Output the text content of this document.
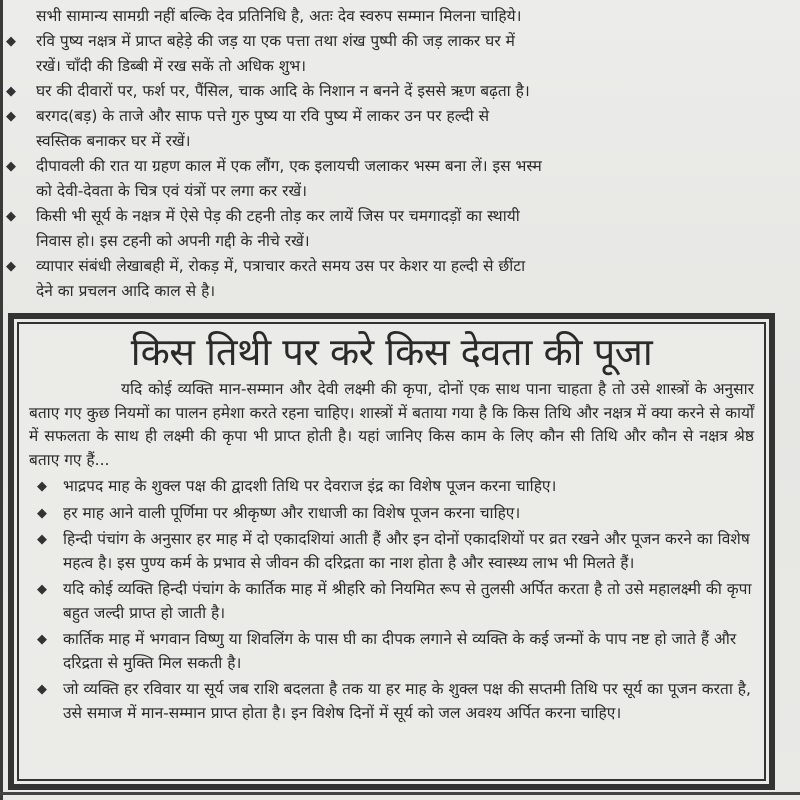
सभी सामान्य सामग्री नहीं बल्कि देव प्रतिनिधि है, अतः देव स्वरुप सम्मान मिलना चाहिये।
◆ रवि पुष्य नक्षत्र में प्राप्त बहेड़े की जड़ या एक पत्ता तथा शंख पुष्पी की जड़ लाकर घर में
रखें। चाँदी की डिब्बी में रख सकें तो अधिक शुभ।
◆ घर की दीवारों पर, फर्श पर, पैंसिल, चाक आदि के निशान न बनने दें इससे ऋण बढ़ता है।
◆ बरगद(बड़) के ताजे और साफ पत्ते गुरु पुष्य या रवि पुष्य में लाकर उन पर हल्दी से
स्वस्तिक बनाकर घर में रखें।
◆ दीपावली की रात या ग्रहण काल में एक लौंग, एक इलायची जलाकर भस्म बना लें। इस भस्म
को देवी-देवता के चित्र एवं यंत्रों पर लगा कर रखें।
◆ किसी भी सूर्य के नक्षत्र में ऐसे पेड़ की टहनी तोड़ कर लायें जिस पर चमगादड़ों का स्थायी
निवास हो। इस टहनी को अपनी गद्दी के नीचे रखें।
◆ व्यापार संबंधी लेखाबही में, रोकड़ में, पत्राचार करते समय उस पर केशर या हल्दी से छींटा
देने का प्रचलन आदि काल से है।
किस तिथी पर करे किस देवता की पूजा
यदि कोई व्यक्ति मान-सम्मान और देवी लक्ष्मी की कृपा, दोनों एक साथ पाना चाहता है तो उसे शास्त्रों के अनुसार बताए गए कुछ नियमों का पालन हमेशा करते रहना चाहिए। शास्त्रों में बताया गया है कि किस तिथि और नक्षत्र में क्या करने से कार्यों में सफलता के साथ ही लक्ष्मी की कृपा भी प्राप्त होती है। यहां जानिए किस काम के लिए कौन सी तिथि और कौन से नक्षत्र श्रेष्ठ बताए गए हैं...
◆ भाद्रपद माह के शुक्ल पक्ष की द्वादशी तिथि पर देवराज इंद्र का विशेष पूजन करना चाहिए।
◆ हर माह आने वाली पूर्णिमा पर श्रीकृष्ण और राधाजी का विशेष पूजन करना चाहिए।
◆ हिन्दी पंचांग के अनुसार हर माह में दो एकादशियां आती हैं और इन दोनों एकादशियों पर व्रत रखने और पूजन करने का विशेष महत्व है। इस पुण्य कर्म के प्रभाव से जीवन की दरिद्रता का नाश होता है और स्वास्थ्य लाभ भी मिलते हैं।
◆ यदि कोई व्यक्ति हिन्दी पंचांग के कार्तिक माह में श्रीहरि को नियमित रूप से तुलसी अर्पित करता है तो उसे महालक्ष्मी की कृपा बहुत जल्दी प्राप्त हो जाती है।
◆ कार्तिक माह में भगवान विष्णु या शिवलिंग के पास घी का दीपक लगाने से व्यक्ति के कई जन्मों के पाप नष्ट हो जाते हैं और दरिद्रता से मुक्ति मिल सकती है।
◆ जो व्यक्ति हर रविवार या सूर्य जब राशि बदलता है तक या हर माह के शुक्ल पक्ष की सप्तमी तिथि पर सूर्य का पूजन करता है, उसे समाज में मान-सम्मान प्राप्त होता है। इन विशेष दिनों में सूर्य को जल अवश्य अर्पित करना चाहिए।
